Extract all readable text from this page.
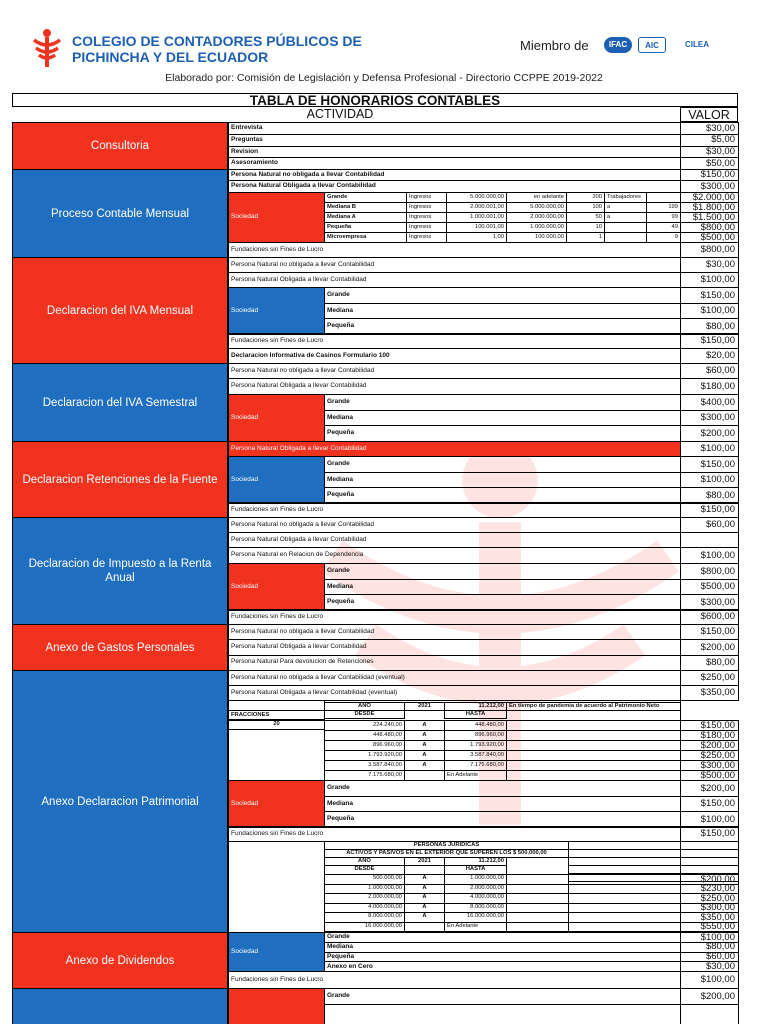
COLEGIO DE CONTADORES PÚBLICOS DE
PICHINCHA Y DEL ECUADOR
Miembro de	IFAC	AIC	CILEA
Elaborado por: Comisión de Legislación y Defensa Profesional - Directorio CCPPE 2019-2022
TABLA DE HONORARIOS CONTABLES
ACTIVIDAD	VALOR
Consultoria
Entrevista	$30,00
Preguntas	$5,00
Revision	$30,00
Asesoramiento	$50,00
Proceso Contable Mensual
Persona Natural no obligada a llevar Contabilidad	$150,00
Persona Natural Obligada a llevar Contabilidad	$300,00
Sociedad
Grande	Ingresos	5.000.000,00	en adelante	200 Trabajadores	$2.000,00
Mediana B	Ingresos	2.000.001,00	5.000.000,00	100 a	199	$1.800,00
Mediana A	Ingresos	1.000.001,00	2.000.000,00	50 a	99	$1.500,00
Pequeña	Ingresos	100.001,00	1.000.000,00	10	49	$800,00
Microempresa	Ingresos	1,00	100.000,00	1	9	$500,00
Fundaciones sin Fines de Lucro	$800,00
Declaracion del IVA Mensual
Persona Natural no obligada a llevar Contabilidad	$30,00
Persona Natural Obligada a llevar Contabilidad	$100,00
Sociedad
Grande	$150,00
Mediana	$100,00
Pequeña	$80,00
Fundaciones sin Fines de Lucro	$150,00
Declaracion Informativa de Casinos Formulario 100	$20,00
Declaracion del IVA Semestral
Persona Natural no obligada a llevar Contabilidad	$60,00
Persona Natural Obligada a llevar Contabilidad	$180,00
Sociedad
Grande	$400,00
Mediana	$300,00
Pequeña	$200,00
Declaracion Retenciones de la Fuente
Persona Natural Obligada a llevar Contabilidad	$100,00
Sociedad
Grande	$150,00
Mediana	$100,00
Pequeña	$80,00
Fundaciones sin Fines de Lucro	$150,00
Declaracion de Impuesto a la Renta Anual
Persona Natural no obligada a llevar Contabilidad	$60,00
Persona Natural Obligada a llevar Contabilidad
Persona Natural en Relacion de Dependencia	$100,00
Sociedad
Grande	$800,00
Mediana	$500,00
Pequeña	$300,00
Fundaciones sin Fines de Lucro	$600,00
Anexo de Gastos Personales
Persona Natural no obligada a llevar Contabilidad	$150,00
Persona Natural Obligada a llevar Contabilidad	$200,00
Persona Natural Para devolucion de Retenciones	$80,00
Anexo Declaracion Patrimonial
Persona Natural no obligada a llevar Contabilidad (eventual)	$250,00
Persona Natural Obligada a llevar Contabilidad (eventual)	$350,00
FRACCIONES
20
AÑO	2021	11.212,00 En tiempo de pandemia de acuerdo al Patrimonio Neto
DESDE	HASTA
224.240,00	A	448.480,00	$150,00
448.480,00	A	896.960,00	$180,00
896.960,00	A	1.793.920,00	$200,00
1.793.920,00	A	3.587.840,00	$250,00
3.587.840,00	A	7.175.680,00	$300,00
7.175.680,00	En Adelante	$500,00
Sociedad
Grande	$200,00
Mediana	$150,00
Pequeña	$100,00
Fundaciones sin Fines de Lucro	$150,00
PERSONAS JURIDICAS
ACTIVOS Y PASIVOS EN EL EXTERIOR QUE SUPEREN LOS $ 500.000,00
AÑO	2021	11.212,00
DESDE	HASTA
500.000,00	A	1.000.000,00	$200,00
1.000.000,00	A	2.000.000,00	$230,00
2.000.000,00	A	4.000.000,00	$250,00
4.000.000,00	A	8.000.000,00	$300,00
8.000.000,00	A	16.000.000,00	$350,00
16.000.000,00	En Adelante	$550,00
Anexo de Dividendos
Sociedad
Grande	$100,00
Mediana	$80,00
Pequeña	$60,00
Anexo en Cero	$30,00
Fundaciones sin Fines de Lucro	$100,00
Grande	$200,00
